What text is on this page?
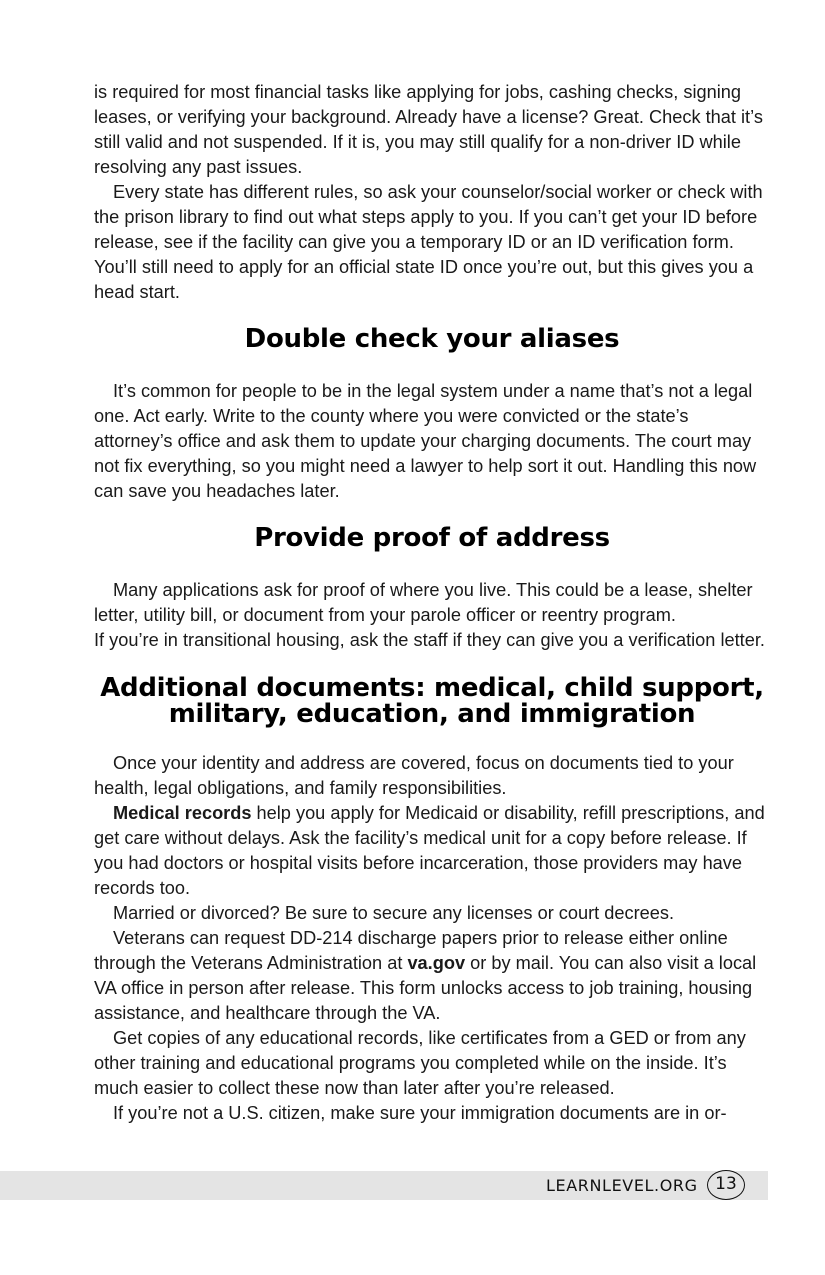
is required for most financial tasks like applying for jobs, cashing checks, signing leases, or verifying your background. Already have a license? Great. Check that it’s still valid and not suspended. If it is, you may still qualify for a non-driver ID while resolving any past issues.

Every state has different rules, so ask your counselor/social worker or check with the prison library to find out what steps apply to you. If you can’t get your ID before release, see if the facility can give you a temporary ID or an ID verification form. You’ll still need to apply for an official state ID once you’re out, but this gives you a head start.

Double check your aliases

It’s common for people to be in the legal system under a name that’s not a legal one. Act early. Write to the county where you were convicted or the state’s attorney’s office and ask them to update your charging documents. The court may not fix everything, so you might need a lawyer to help sort it out. Handling this now can save you headaches later.

Provide proof of address

Many applications ask for proof of where you live. This could be a lease, shelter letter, utility bill, or document from your parole officer or reentry program.

If you’re in transitional housing, ask the staff if they can give you a verification letter.

Additional documents: medical, child support,
military, education, and immigration

Once your identity and address are covered, focus on documents tied to your health, legal obligations, and family responsibilities.

Medical records help you apply for Medicaid or disability, refill prescriptions, and get care without delays. Ask the facility’s medical unit for a copy before release. If you had doctors or hospital visits before incarceration, those providers may have records too.

Married or divorced? Be sure to secure any licenses or court decrees.

Veterans can request DD-214 discharge papers prior to release either online through the Veterans Administration at va.gov or by mail. You can also visit a local VA office in person after release. This form unlocks access to job training, housing assistance, and healthcare through the VA.

Get copies of any educational records, like certificates from a GED or from any other training and educational programs you completed while on the inside. It’s much easier to collect these now than later after you’re released.

If you’re not a U.S. citizen, make sure your immigration documents are in or-

LEARNLEVEL.ORG	13
